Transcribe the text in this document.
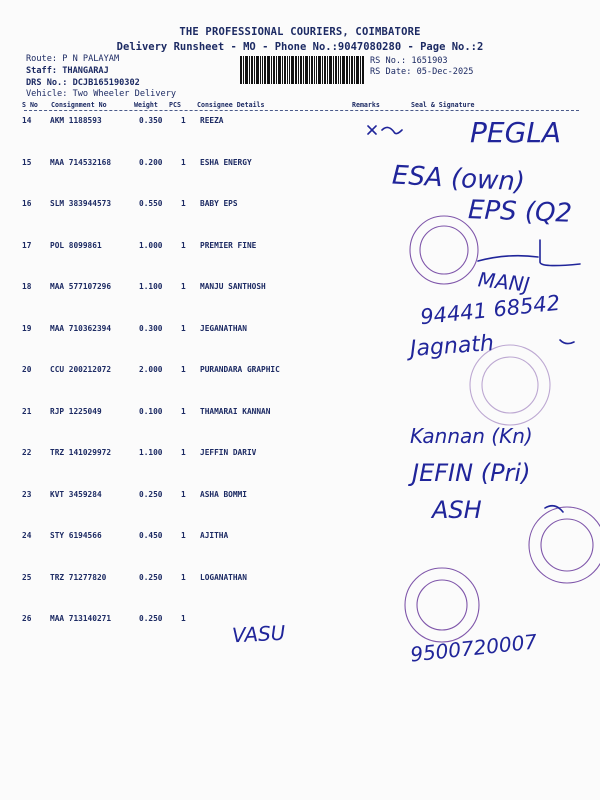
THE PROFESSIONAL COURIERS, COIMBATORE
Delivery Runsheet - MO - Phone No.:9047080280 - Page No.:2
Route: P N PALAYAM
Staff: THANGARAJ
DRS No.: DCJB165190302
Vehicle: Two Wheeler Delivery
RS No.: 1651903
RS Date: 05-Dec-2025
S No Consignment No	Weight PCS Consignee Details	Remarks	Seal & Signature
14 AKM 1188593	0.350 1 REEZA
15 MAA 714532168	0.200 1 ESHA ENERGY
16 SLM 383944573	0.550 1 BABY EPS
17 POL 8099861	1.000 1 PREMIER FINE
18 MAA 577107296	1.100 1 MANJU SANTHOSH
19 MAA 710362394	0.300 1 JEGANATHAN
20 CCU 200212072	2.000 1 PURANDARA GRAPHIC
21 RJP 1225049	0.100 1 THAMARAI KANNAN
22 TRZ 141029972	1.100 1 JEFFIN DARIV
23 KVT 3459284	0.250 1 ASHA BOMMI
24 STY 6194566	0.450 1 AJITHA
25 TRZ 71277820	0.250 1 LOGANATHAN
26 MAA 713140271	0.250 1
PEGLA
ESA (own)
EPS (Q2
MANJ
94441 68542
Jagnath
Kannan (Kn)
JEFIN (Pri)
ASH
VASU	9500720007
